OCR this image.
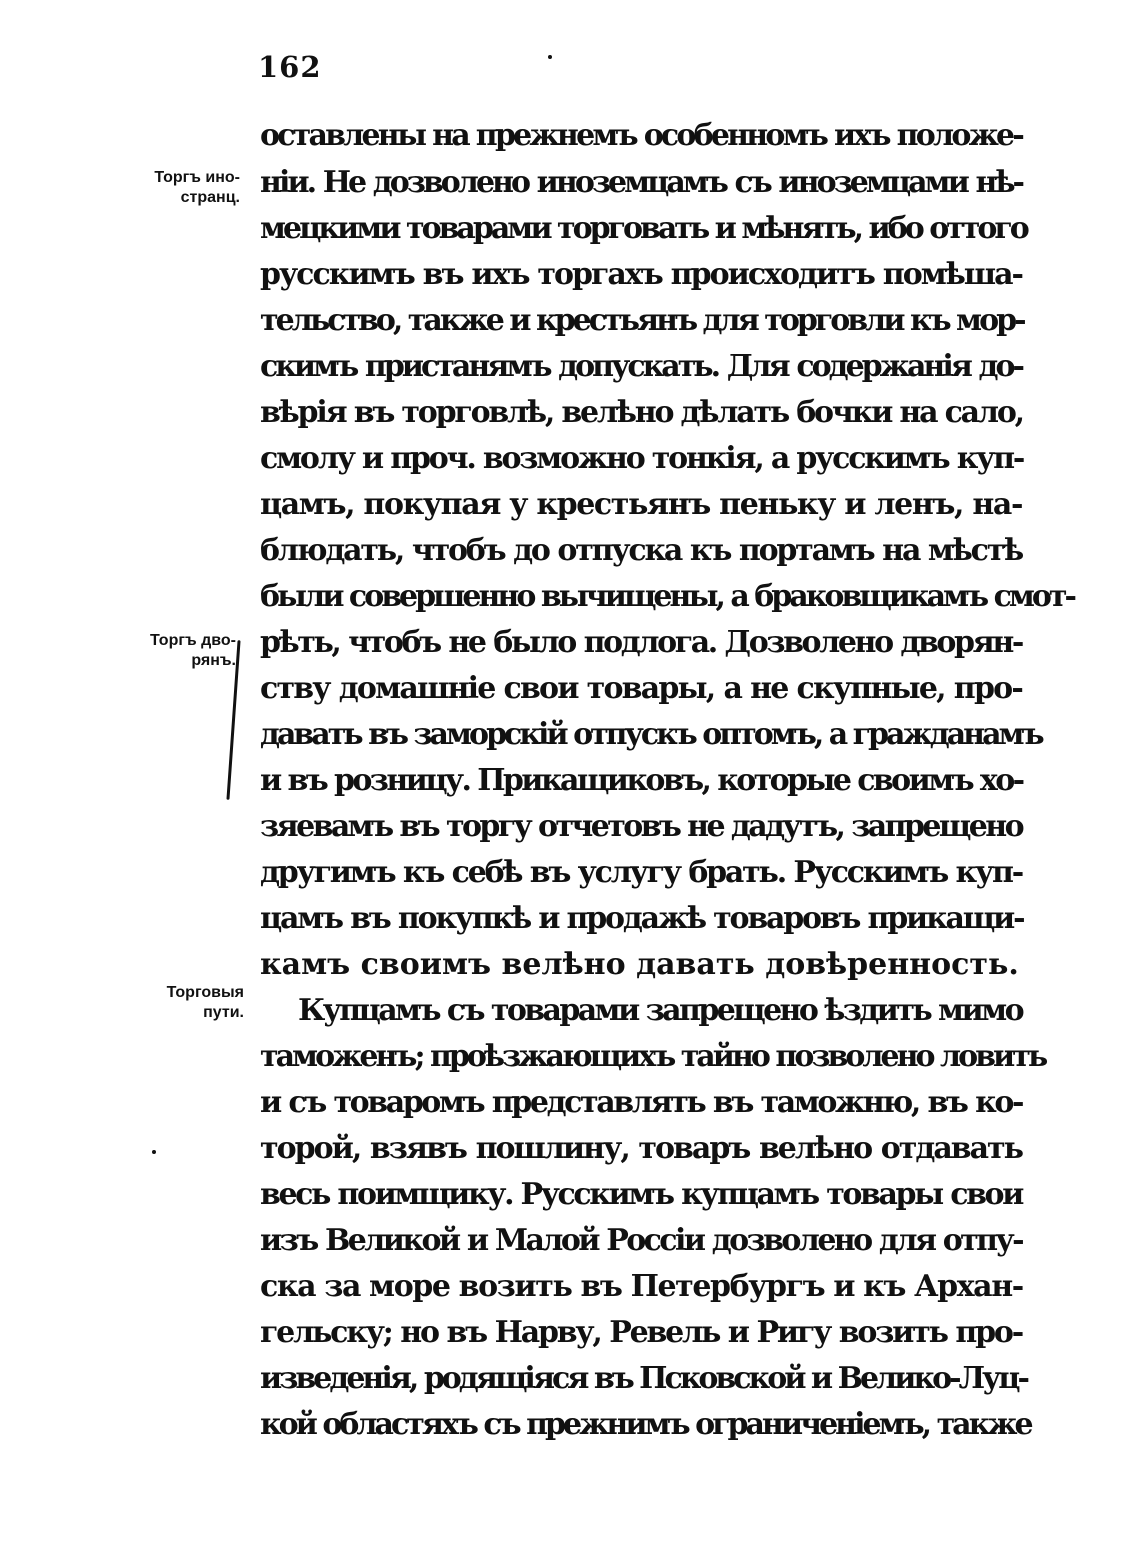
162
Торгъ ино-
странц.
Торгъ дво-
рянъ.
Торговыя
пути.
оставлены на прежнемъ особенномъ ихъ положе-
нiи. Не дозволено иноземцамъ съ иноземцами нѣ-
мецкими товарами торговать и мѣнять, ибо оттого
русскимъ въ ихъ торгахъ происходитъ помѣша-
тельство, также и крестьянъ для торговли къ мор-
скимъ пристанямъ допускать. Для содержанiя до-
вѣрiя въ торговлѣ, велѣно дѣлать бочки на сало,
смолу и проч. возможно тонкiя, а русскимъ куп-
цамъ, покупая у крестьянъ пеньку и ленъ, на-
блюдать, чтобъ до отпуска къ портамъ на мѣстѣ
были совершенно вычищены, а браковщикамъ смот-
рѣть, чтобъ не было подлога. Дозволено дворян-
ству домашнiе свои товары, а не скупные, про-
давать въ заморскiй отпускъ оптомъ, а гражданамъ
и въ розницу. Прикащиковъ, которые своимъ хо-
зяевамъ въ торгу отчетовъ не дадутъ, запрещено
другимъ къ себѣ въ услугу брать. Русскимъ куп-
цамъ въ покупкѣ и продажѣ товаровъ прикащи-
камъ своимъ велѣно давать довѣренность.
Купцамъ съ товарами запрещено ѣздить мимо
таможенъ; проѣзжающихъ тайно позволено ловить
и съ товаромъ представлять въ таможню, въ ко-
торой, взявъ пошлину, товаръ велѣно отдавать
весь поимщику. Русскимъ купцамъ товары свои
изъ Великой и Малой Россiи дозволено для отпу-
ска за море возить въ Петербургъ и къ Архан-
гельску; но въ Нарву, Ревель и Ригу возить про-
изведенiя, родящiяся въ Псковской и Велико-Луц-
кой областяхъ съ прежнимъ ограниченiемъ, также
